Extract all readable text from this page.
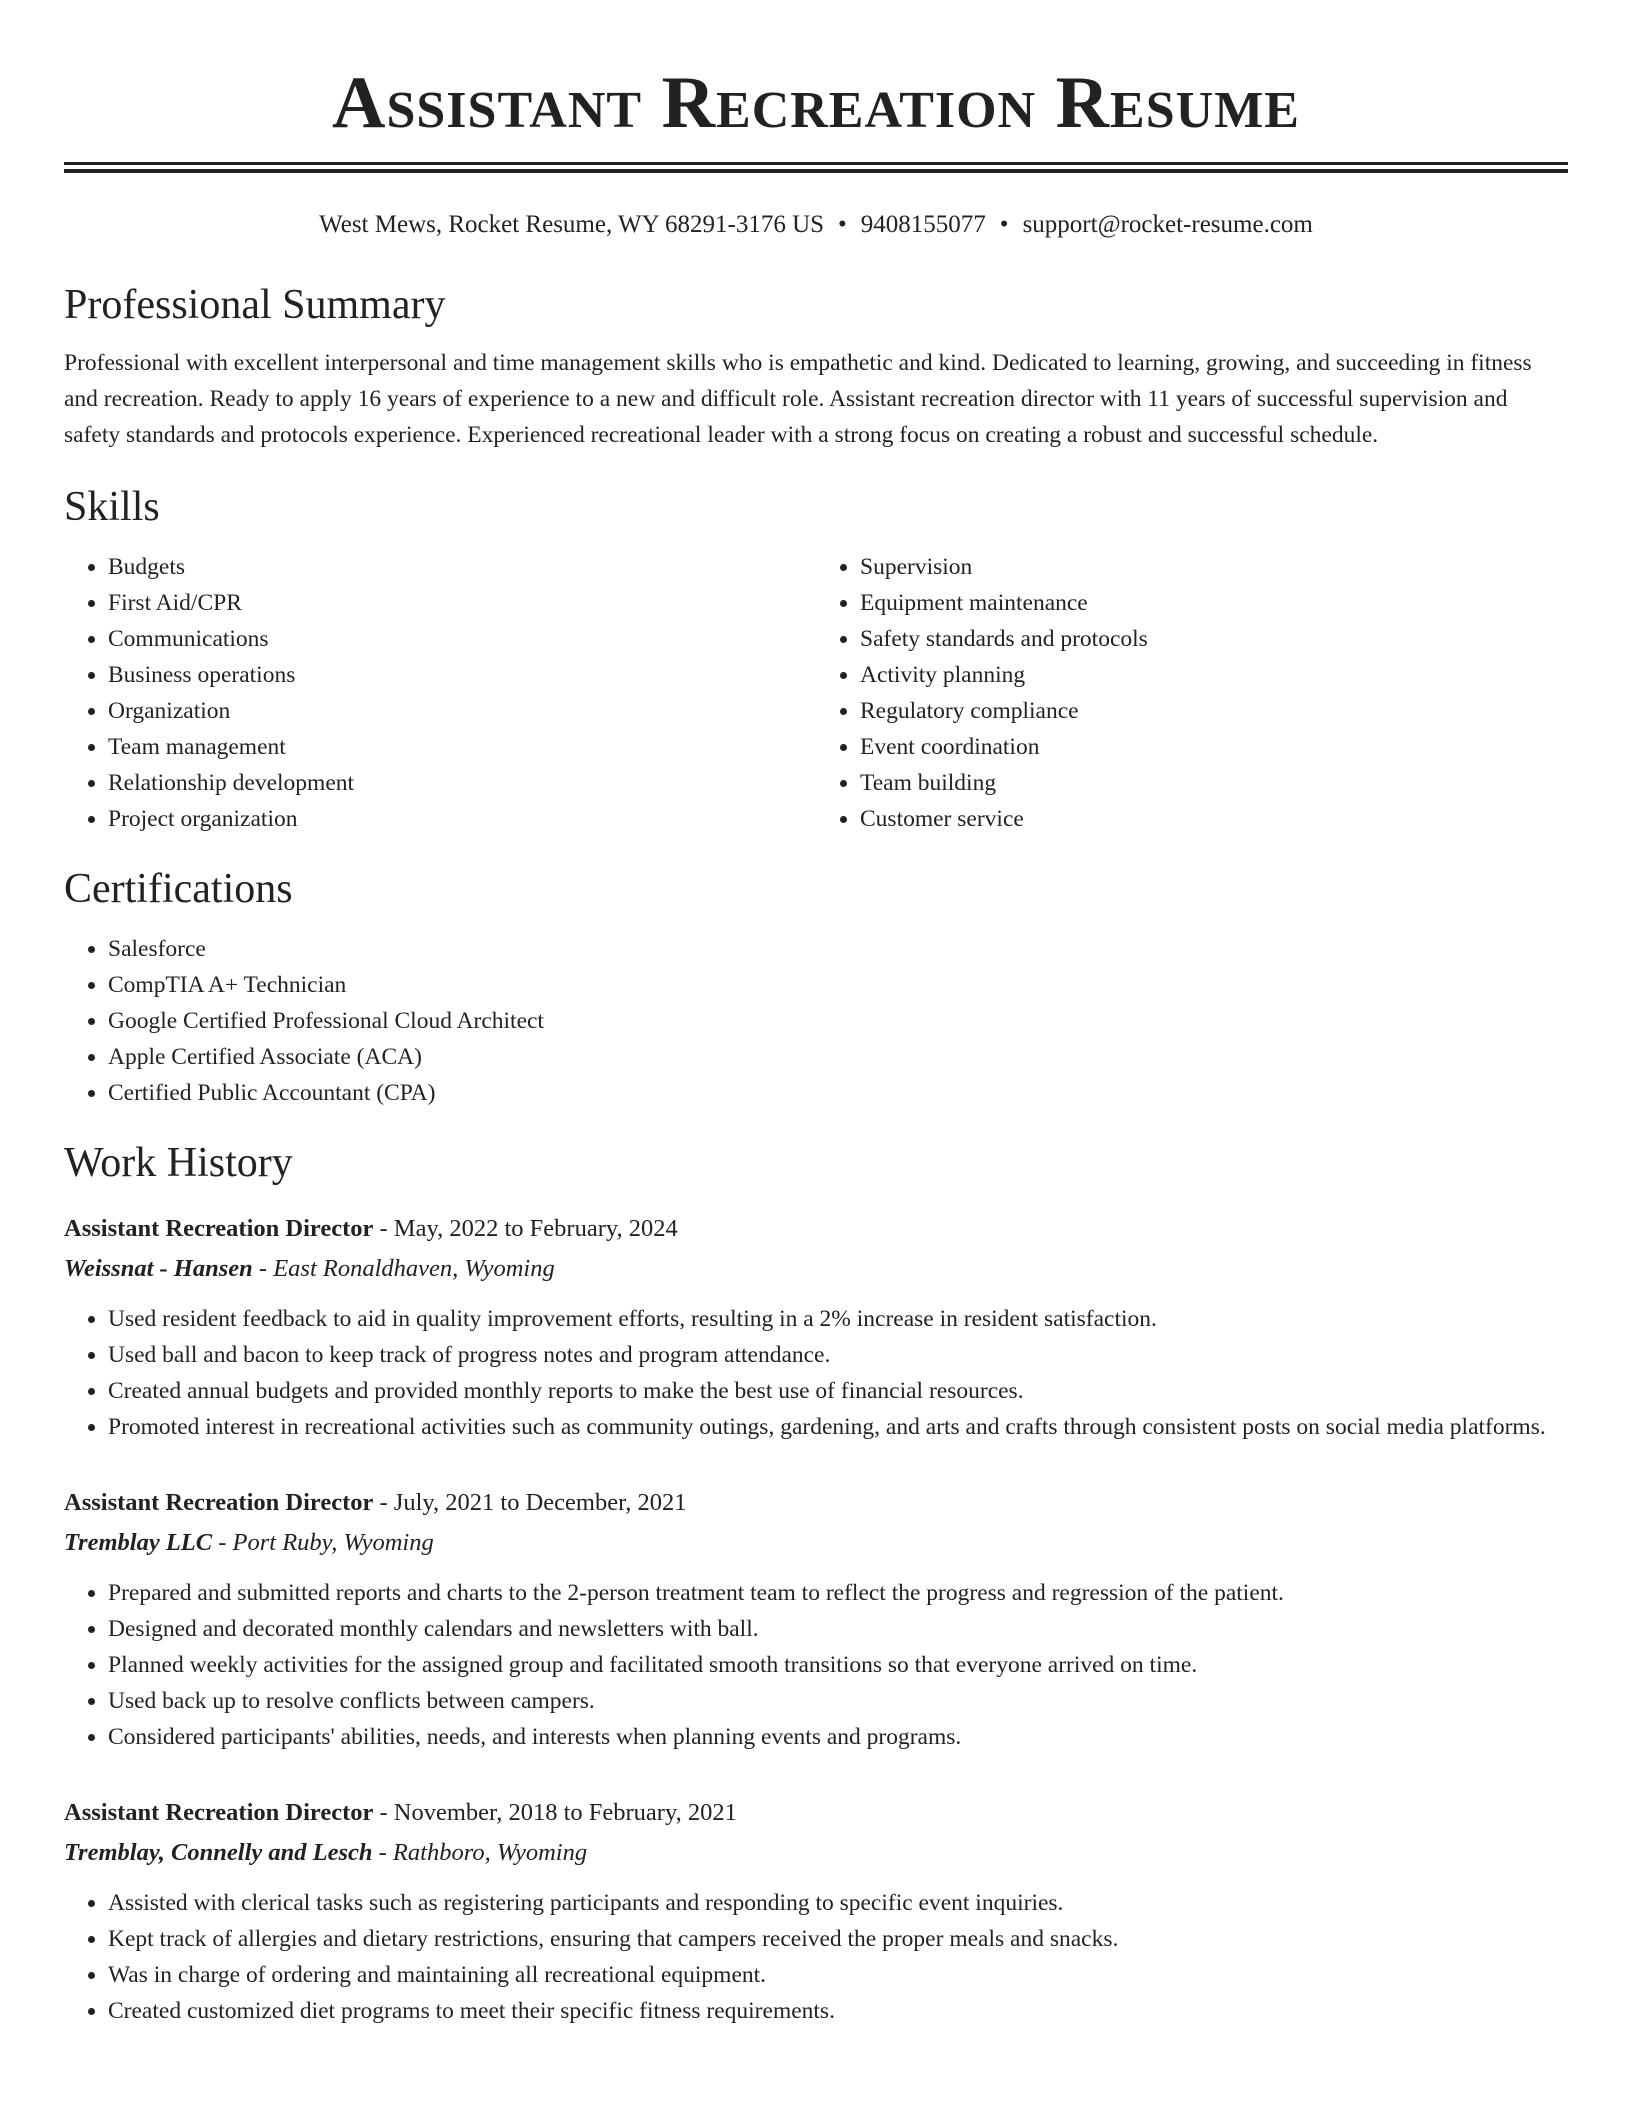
Assistant Recreation Resume
West Mews, Rocket Resume, WY 68291-3176 US • 9408155077 • support@rocket-resume.com
Professional Summary

Professional with excellent interpersonal and time management skills who is empathetic and kind. Dedicated to learning, growing, and succeeding in fitness and recreation. Ready to apply 16 years of experience to a new and difficult role. Assistant recreation director with 11 years of successful supervision and safety standards and protocols experience. Experienced recreational leader with a strong focus on creating a robust and successful schedule.

Skills
• Budgets
• First Aid/CPR
• Communications
• Business operations
• Organization
• Team management
• Relationship development
• Project organization
• Supervision
• Equipment maintenance
• Safety standards and protocols
• Activity planning
• Regulatory compliance
• Event coordination
• Team building
• Customer service
Certifications
• Salesforce
• CompTIA A+ Technician
• Google Certified Professional Cloud Architect
• Apple Certified Associate (ACA)
• Certified Public Accountant (CPA)
Work History
Assistant Recreation Director - May, 2022 to February, 2024
Weissnat - Hansen - East Ronaldhaven, Wyoming
• Used resident feedback to aid in quality improvement efforts, resulting in a 2% increase in resident satisfaction.
• Used ball and bacon to keep track of progress notes and program attendance.
• Created annual budgets and provided monthly reports to make the best use of financial resources.
• Promoted interest in recreational activities such as community outings, gardening, and arts and crafts through consistent posts on social media platforms.
Assistant Recreation Director - July, 2021 to December, 2021
Tremblay LLC - Port Ruby, Wyoming
• Prepared and submitted reports and charts to the 2-person treatment team to reflect the progress and regression of the patient.
• Designed and decorated monthly calendars and newsletters with ball.
• Planned weekly activities for the assigned group and facilitated smooth transitions so that everyone arrived on time.
• Used back up to resolve conflicts between campers.
• Considered participants' abilities, needs, and interests when planning events and programs.
Assistant Recreation Director - November, 2018 to February, 2021
Tremblay, Connelly and Lesch - Rathboro, Wyoming
• Assisted with clerical tasks such as registering participants and responding to specific event inquiries.
• Kept track of allergies and dietary restrictions, ensuring that campers received the proper meals and snacks.
• Was in charge of ordering and maintaining all recreational equipment.
• Created customized diet programs to meet their specific fitness requirements.
